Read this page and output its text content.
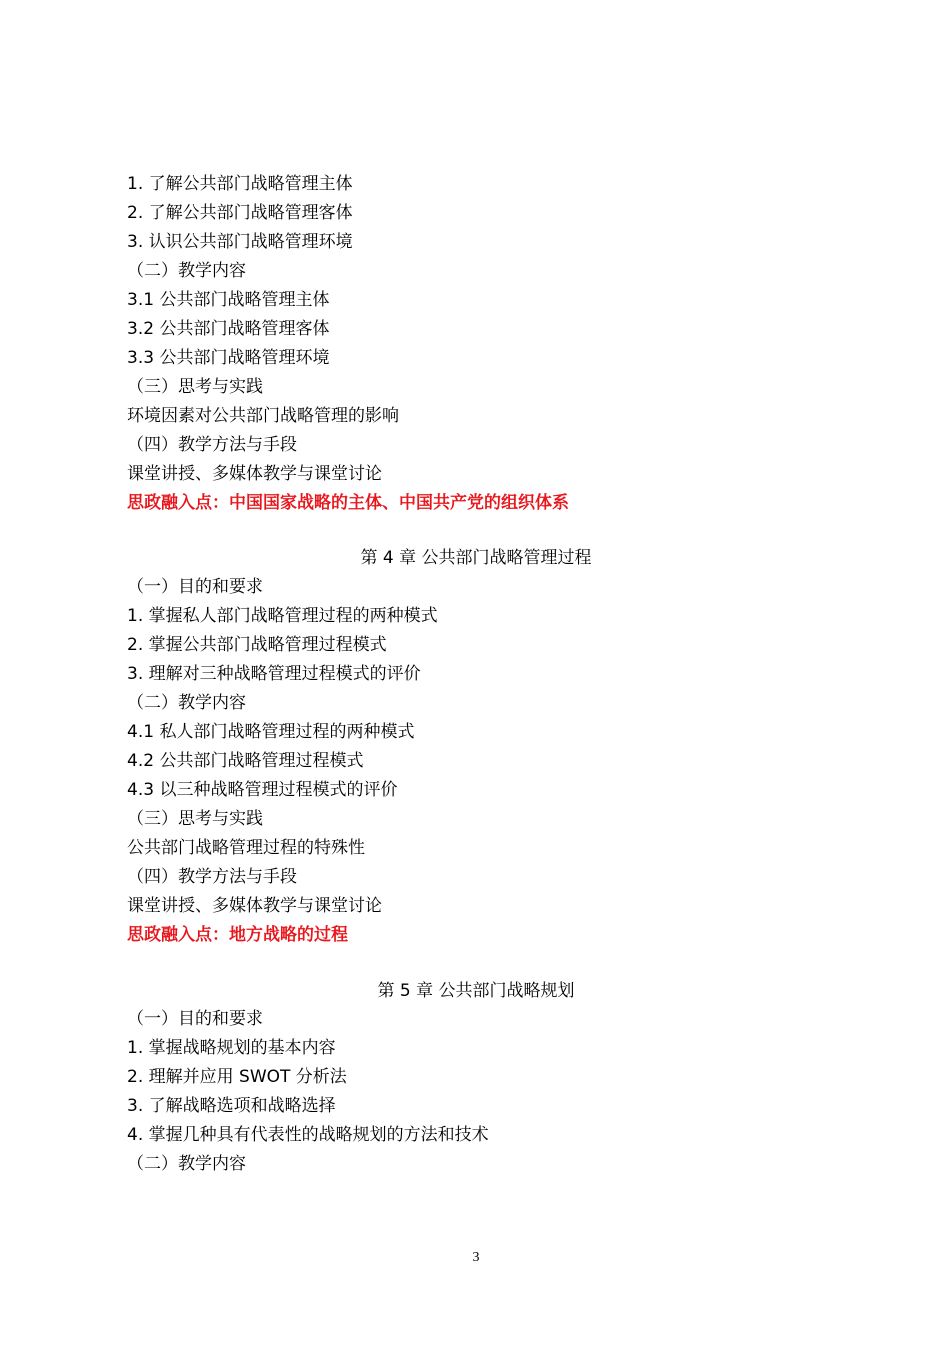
1. 了解公共部门战略管理主体
2. 了解公共部门战略管理客体
3. 认识公共部门战略管理环境
（二）教学内容
3.1 公共部门战略管理主体
3.2 公共部门战略管理客体
3.3 公共部门战略管理环境
（三）思考与实践
环境因素对公共部门战略管理的影响
（四）教学方法与手段
课堂讲授、多媒体教学与课堂讨论
思政融入点：中国国家战略的主体、中国共产党的组织体系
第 4 章 公共部门战略管理过程
（一）目的和要求
1. 掌握私人部门战略管理过程的两种模式
2. 掌握公共部门战略管理过程模式
3. 理解对三种战略管理过程模式的评价
（二）教学内容
4.1 私人部门战略管理过程的两种模式
4.2 公共部门战略管理过程模式
4.3 以三种战略管理过程模式的评价
（三）思考与实践
公共部门战略管理过程的特殊性
（四）教学方法与手段
课堂讲授、多媒体教学与课堂讨论
思政融入点：地方战略的过程
第 5 章 公共部门战略规划
（一）目的和要求
1. 掌握战略规划的基本内容
2. 理解并应用 SWOT 分析法
3. 了解战略选项和战略选择
4. 掌握几种具有代表性的战略规划的方法和技术
（二）教学内容
3
